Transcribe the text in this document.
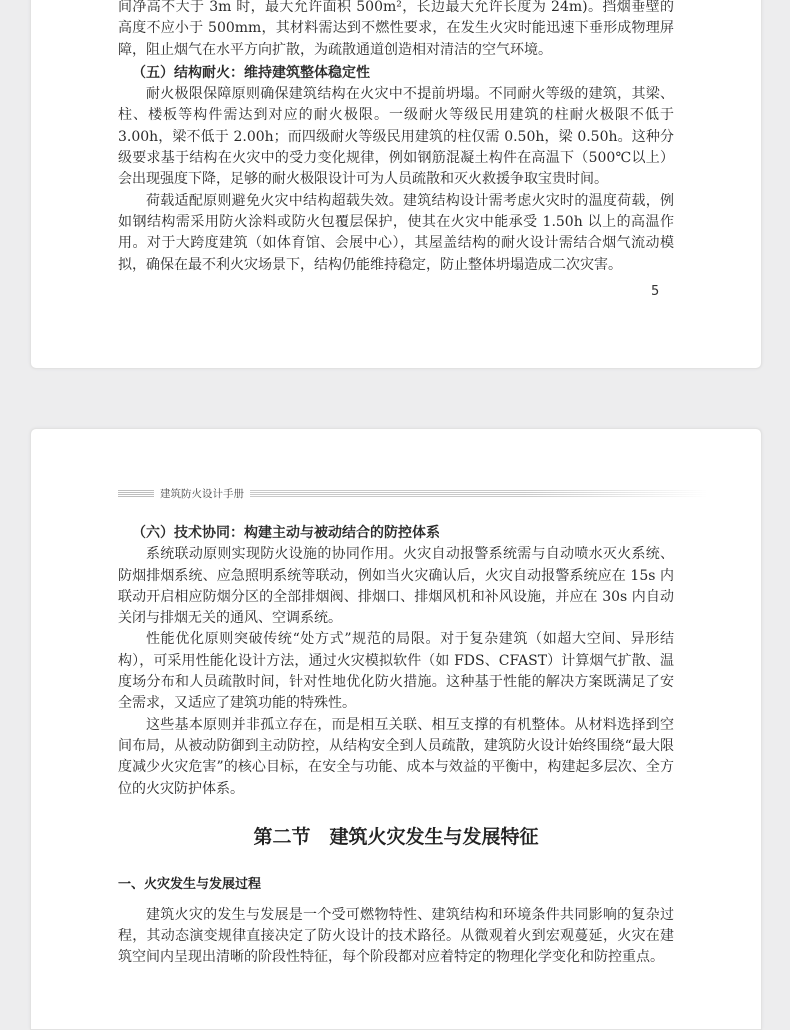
间净高不大于 3m 时，最大允许面积 500m²，长边最大允许长度为 24m)。挡烟垂壁的高度不应小于 500mm，其材料需达到不燃性要求，在发生火灾时能迅速下垂形成物理屏障，阻止烟气在水平方向扩散，为疏散通道创造相对清洁的空气环境。

（五）结构耐火：维持建筑整体稳定性

耐火极限保障原则确保建筑结构在火灾中不提前坍塌。不同耐火等级的建筑，其梁、柱、楼板等构件需达到对应的耐火极限。一级耐火等级民用建筑的柱耐火极限不低于 3.00h，梁不低于 2.00h；而四级耐火等级民用建筑的柱仅需 0.50h，梁 0.50h。这种分级要求基于结构在火灾中的受力变化规律，例如钢筋混凝土构件在高温下（500℃以上）会出现强度下降，足够的耐火极限设计可为人员疏散和灭火救援争取宝贵时间。

荷载适配原则避免火灾中结构超载失效。建筑结构设计需考虑火灾时的温度荷载，例如钢结构需采用防火涂料或防火包覆层保护，使其在火灾中能承受 1.50h 以上的高温作用。对于大跨度建筑（如体育馆、会展中心），其屋盖结构的耐火设计需结合烟气流动模拟，确保在最不利火灾场景下，结构仍能维持稳定，防止整体坍塌造成二次灾害。

5
建筑防火设计手册
（六）技术协同：构建主动与被动结合的防控体系

系统联动原则实现防火设施的协同作用。火灾自动报警系统需与自动喷水灭火系统、防烟排烟系统、应急照明系统等联动，例如当火灾确认后，火灾自动报警系统应在 15s 内联动开启相应防烟分区的全部排烟阀、排烟口、排烟风机和补风设施，并应在 30s 内自动关闭与排烟无关的通风、空调系统。

性能优化原则突破传统“处方式”规范的局限。对于复杂建筑（如超大空间、异形结构），可采用性能化设计方法，通过火灾模拟软件（如 FDS、CFAST）计算烟气扩散、温度场分布和人员疏散时间，针对性地优化防火措施。这种基于性能的解决方案既满足了安全需求，又适应了建筑功能的特殊性。

这些基本原则并非孤立存在，而是相互关联、相互支撑的有机整体。从材料选择到空间布局，从被动防御到主动防控，从结构安全到人员疏散，建筑防火设计始终围绕“最大限度减少火灾危害”的核心目标，在安全与功能、成本与效益的平衡中，构建起多层次、全方位的火灾防护体系。

第二节　建筑火灾发生与发展特征
一、火灾发生与发展过程

建筑火灾的发生与发展是一个受可燃物特性、建筑结构和环境条件共同影响的复杂过程，其动态演变规律直接决定了防火设计的技术路径。从微观着火到宏观蔓延，火灾在建筑空间内呈现出清晰的阶段性特征，每个阶段都对应着特定的物理化学变化和防控重点。
